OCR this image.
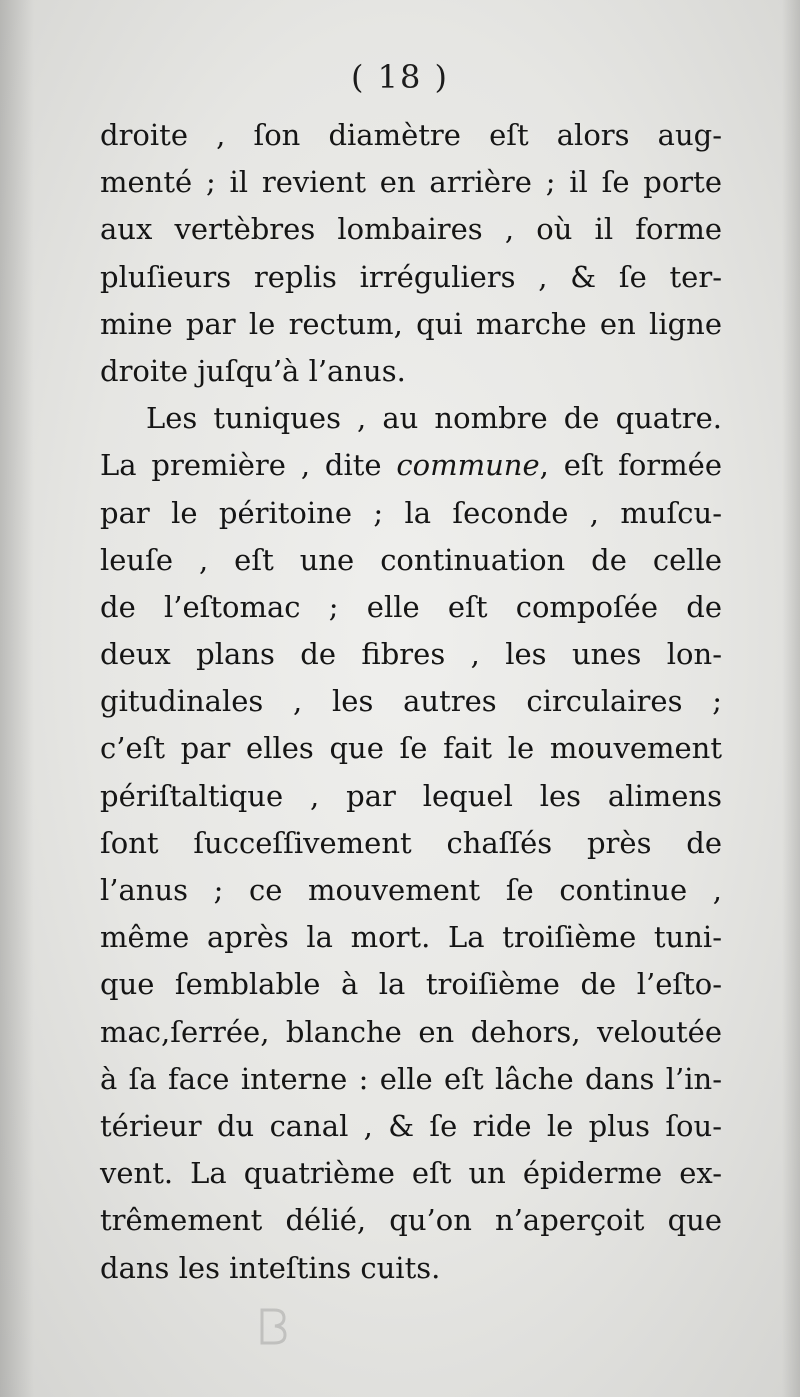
( 18 )
droite , ſon diamètre eſt alors aug-
menté ; il revient en arrière ; il ſe porte
aux vertèbres lombaires , où il forme
pluſieurs replis irréguliers , & ſe ter-
mine par le rectum, qui marche en ligne
droite juſqu’à l’anus.
Les tuniques , au nombre de quatre.
La première , dite commune, eſt formée
par le péritoine ; la ſeconde , muſcu-
leuſe , eſt une continuation de celle
de l’eſtomac ; elle eſt compoſée de
deux plans de fibres , les unes lon-
gitudinales , les autres circulaires ;
c’eſt par elles que ſe fait le mouvement
périſtaltique , par lequel les alimens
ſont ſucceſſivement chaſſés près de
l’anus ; ce mouvement ſe continue ,
même après la mort. La troiſième tuni-
que ſemblable à la troiſième de l’eſto-
mac,ſerrée, blanche en dehors, veloutée
à ſa face interne : elle eſt lâche dans l’in-
térieur du canal , & ſe ride le plus ſou-
vent. La quatrième eſt un épiderme ex-
trêmement délié, qu’on n’aperçoit que
dans les inteſtins cuits.
